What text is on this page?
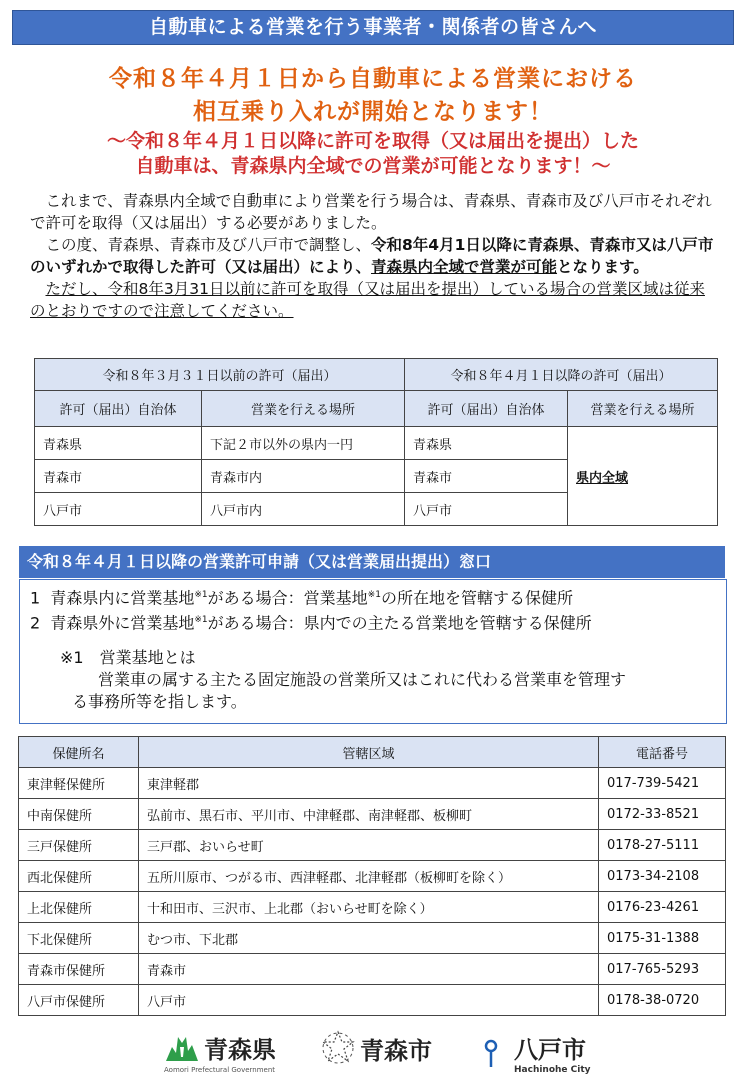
自動車による営業を行う事業者・関係者の皆さんへ
令和８年４月１日から自動車による営業における
相互乗り入れが開始となります！
～令和８年４月１日以降に許可を取得（又は届出を提出）した
自動車は、青森県内全域での営業が可能となります！～

これまで、青森県内全域で自動車により営業を行う場合は、青森県、青森市及び八戸市それぞれで許可を取得（又は届出）する必要がありました。

この度、青森県、青森市及び八戸市で調整し、令和8年4月1日以降に青森県、青森市又は八戸市のいずれかで取得した許可（又は届出）により、青森県内全域で営業が可能となります。

ただし、令和8年3月31日以前に許可を取得（又は届出を提出）している場合の営業区域は従来のとおりですので注意してください。

令和８年３月３１日以前の許可（届出）		令和８年４月１日以降の許可（届出）	
許可（届出）自治体	営業を行える場所	許可（届出）自治体	営業を行える場所
青森県	下記２市以外の県内一円	青森県	県内全域
青森市	青森市内	青森市	
八戸市	八戸市内	八戸市	
令和８年４月１日以降の営業許可申請（又は営業届出提出）窓口
1 青森県内に営業基地$^{※1}$がある場合：営業基地$^{※1}$の所在地を管轄する保健所
2 青森県外に営業基地$^{※1}$がある場合：県内での主たる営業地を管轄する保健所
※1　営業基地とは
営業車の属する主たる固定施設の営業所又はこれに代わる営業車を管理す
る事務所等を指します。
保健所名	管轄区域	電話番号
東津軽保健所	東津軽郡	017-739-5421
中南保健所	弘前市、黒石市、平川市、中津軽郡、南津軽郡、板柳町	0172-33-8521
三戸保健所	三戸郡、おいらせ町	0178-27-5111
西北保健所	五所川原市、つがる市、西津軽郡、北津軽郡（板柳町を除く）	0173-34-2108
上北保健所	十和田市、三沢市、上北郡（おいらせ町を除く）	0176-23-4261
下北保健所	むつ市、下北郡	0175-31-1388
青森市保健所	青森市	017-765-5293
八戸市保健所	八戸市	0178-38-0720
青森県
Aomori Prefectural Government
青森市	八戸市
Hachinohe City
